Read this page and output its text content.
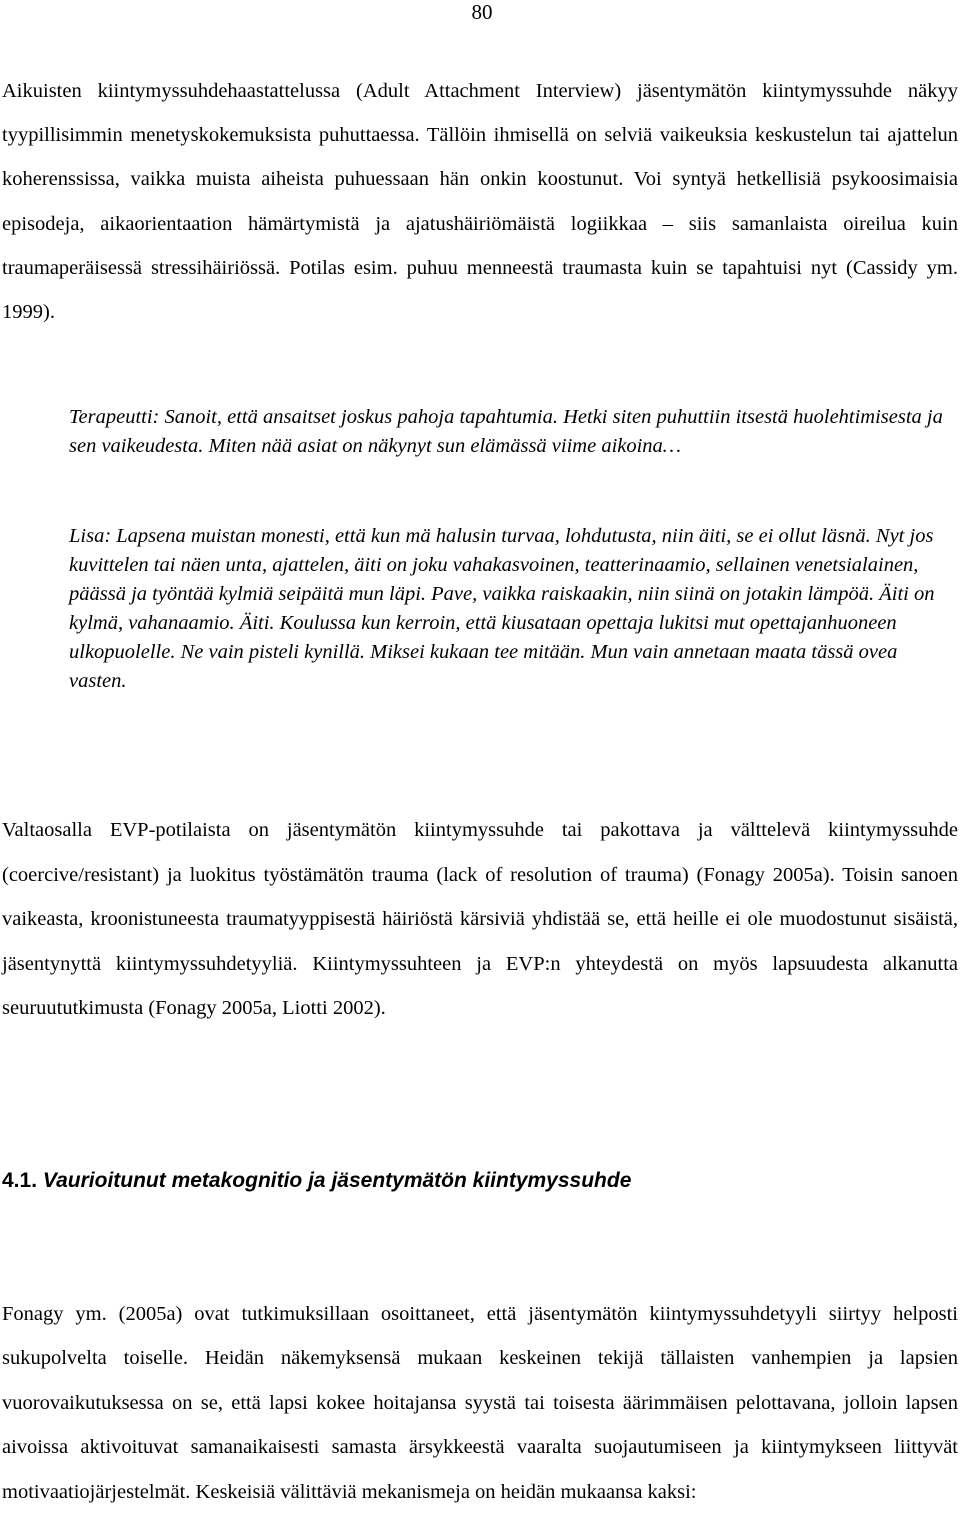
80

Aikuisten kiintymyssuhdehaastattelussa (Adult Attachment Interview) jäsentymätön kiintymyssuhde näkyy tyypillisimmin menetyskokemuksista puhuttaessa. Tällöin ihmisellä on selviä vaikeuksia keskustelun tai ajattelun koherenssissa, vaikka muista aiheista puhuessaan hän onkin koostunut. Voi syntyä hetkellisiä psykoosimaisia episodeja, aikaorientaation hämärtymistä ja ajatushäiriömäistä logiikkaa – siis samanlaista oireilua kuin traumaperäisessä stressihäiriössä. Potilas esim. puhuu menneestä traumasta kuin se tapahtuisi nyt (Cassidy ym. 1999).

Terapeutti: Sanoit, että ansaitset joskus pahoja tapahtumia. Hetki siten puhuttiin itsestä huolehtimisesta ja sen vaikeudesta. Miten nää asiat on näkynyt sun elämässä viime aikoina…

Lisa: Lapsena muistan monesti, että kun mä halusin turvaa, lohdutusta, niin äiti, se ei ollut läsnä. Nyt jos kuvittelen tai näen unta, ajattelen, äiti on joku vahakasvoinen, teatterinaamio, sellainen venetsialainen, päässä ja työntää kylmiä seipäitä mun läpi. Pave, vaikka raiskaakin, niin siinä on jotakin lämpöä. Äiti on kylmä, vahanaamio. Äiti. Koulussa kun kerroin, että kiusataan opettaja lukitsi mut opettajanhuoneen ulkopuolelle. Ne vain pisteli kynillä. Miksei kukaan tee mitään. Mun vain annetaan maata tässä ovea vasten.

Valtaosalla EVP-potilaista on jäsentymätön kiintymyssuhde tai pakottava ja välttelevä kiintymyssuhde (coercive/resistant) ja luokitus työstämätön trauma (lack of resolution of trauma) (Fonagy 2005a). Toisin sanoen vaikeasta, kroonistuneesta traumatyyppisestä häiriöstä kärsiviä yhdistää se, että heille ei ole muodostunut sisäistä, jäsentynyttä kiintymyssuhdetyyliä. Kiintymyssuhteen ja EVP:n yhteydestä on myös lapsuudesta alkanutta seuruututkimusta (Fonagy 2005a, Liotti 2002).

4.1. Vaurioitunut metakognitio ja jäsentymätön kiintymyssuhde

Fonagy ym. (2005a) ovat tutkimuksillaan osoittaneet, että jäsentymätön kiintymyssuhdetyyli siirtyy helposti sukupolvelta toiselle. Heidän näkemyksensä mukaan keskeinen tekijä tällaisten vanhempien ja lapsien vuorovaikutuksessa on se, että lapsi kokee hoitajansa syystä tai toisesta äärimmäisen pelottavana, jolloin lapsen aivoissa aktivoituvat samanaikaisesti samasta ärsykkeestä vaaralta suojautumiseen ja kiintymykseen liittyvät motivaatiojärjestelmät. Keskeisiä välittäviä mekanismeja on heidän mukaansa kaksi:
